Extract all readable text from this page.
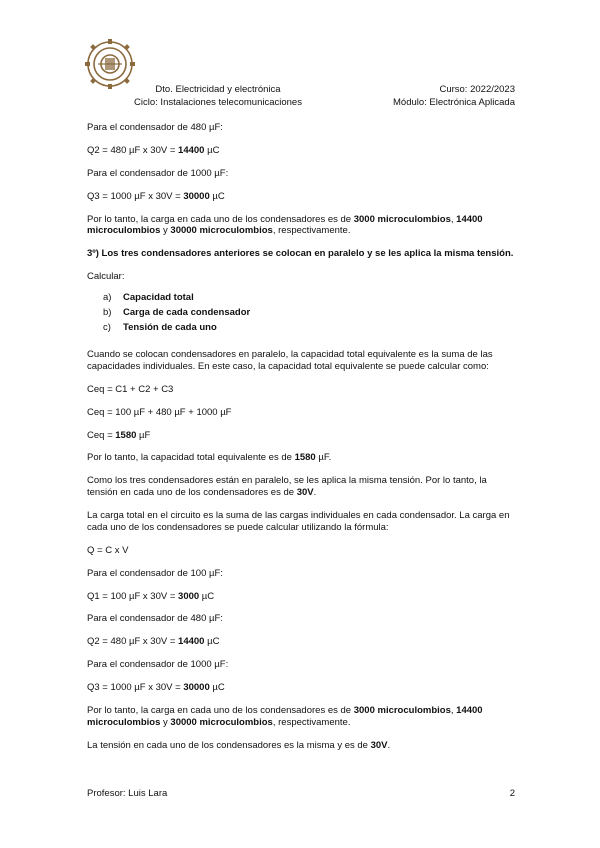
Dto. Electricidad y electrónica
Ciclo: Instalaciones telecomunicaciones
Curso: 2022/2023
Módulo: Electrónica Aplicada

Para el condensador de 480 µF:

Q2 = 480 µF x 30V = 14400 µC

Para el condensador de 1000 µF:

Q3 = 1000 µF x 30V = 30000 µC

Por lo tanto, la carga en cada uno de los condensadores es de 3000 microculombios, 14400 microculombios y 30000 microculombios, respectivamente.

3º) Los tres condensadores anteriores se colocan en paralelo y se les aplica la misma tensión.

Calcular:

a) Capacidad total
b) Carga de cada condensador
c) Tensión de cada uno

Cuando se colocan condensadores en paralelo, la capacidad total equivalente es la suma de las capacidades individuales. En este caso, la capacidad total equivalente se puede calcular como:

Ceq = C1 + C2 + C3

Ceq = 100 µF + 480 µF + 1000 µF

Ceq = 1580 µF

Por lo tanto, la capacidad total equivalente es de 1580 µF.

Como los tres condensadores están en paralelo, se les aplica la misma tensión. Por lo tanto, la tensión en cada uno de los condensadores es de 30V.

La carga total en el circuito es la suma de las cargas individuales en cada condensador. La carga en cada uno de los condensadores se puede calcular utilizando la fórmula:

Q = C x V

Para el condensador de 100 µF:

Q1 = 100 µF x 30V = 3000 µC

Para el condensador de 480 µF:

Q2 = 480 µF x 30V = 14400 µC

Para el condensador de 1000 µF:

Q3 = 1000 µF x 30V = 30000 µC

Por lo tanto, la carga en cada uno de los condensadores es de 3000 microculombios, 14400 microculombios y 30000 microculombios, respectivamente.

La tensión en cada uno de los condensadores es la misma y es de 30V.

Profesor: Luis Lara	2
